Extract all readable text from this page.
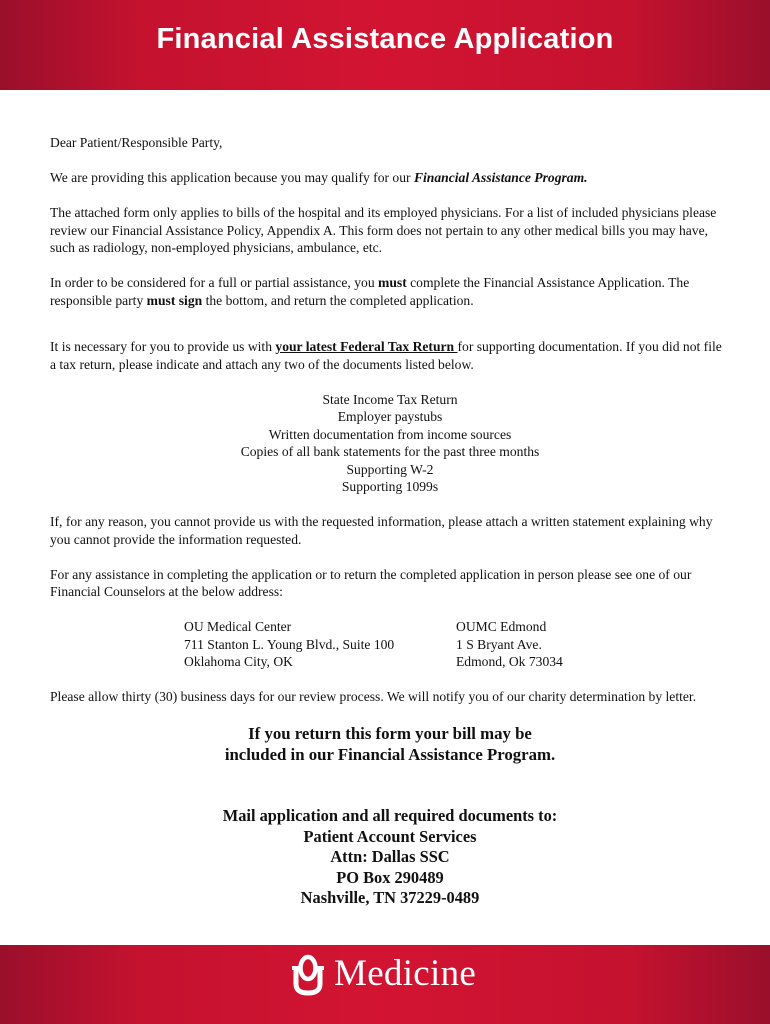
Financial Assistance Application

Dear Patient/Responsible Party,

We are providing this application because you may qualify for our Financial Assistance Program.

The attached form only applies to bills of the hospital and its employed physicians. For a list of included physicians please review our Financial Assistance Policy, Appendix A. This form does not pertain to any other medical bills you may have, such as radiology, non-employed physicians, ambulance, etc.

In order to be considered for a full or partial assistance, you must complete the Financial Assistance Application. The responsible party must sign the bottom, and return the completed application.

It is necessary for you to provide us with your latest Federal Tax Return for supporting documentation. If you did not file a tax return, please indicate and attach any two of the documents listed below.

State Income Tax Return
Employer paystubs
Written documentation from income sources
Copies of all bank statements for the past three months
Supporting W-2
Supporting 1099s

If, for any reason, you cannot provide us with the requested information, please attach a written statement explaining why you cannot provide the information requested.

For any assistance in completing the application or to return the completed application in person please see one of our Financial Counselors at the below address:

OU Medical Center
711 Stanton L. Young Blvd., Suite 100
Oklahoma City, OK
OUMC Edmond
1 S Bryant Ave.
Edmond, Ok 73034

Please allow thirty (30) business days for our review process. We will notify you of our charity determination by letter.

If you return this form your bill may be
included in our Financial Assistance Program.
Mail application and all required documents to:
Patient Account Services
Attn: Dallas SSC
PO Box 290489
Nashville, TN 37229-0489
Medicine
